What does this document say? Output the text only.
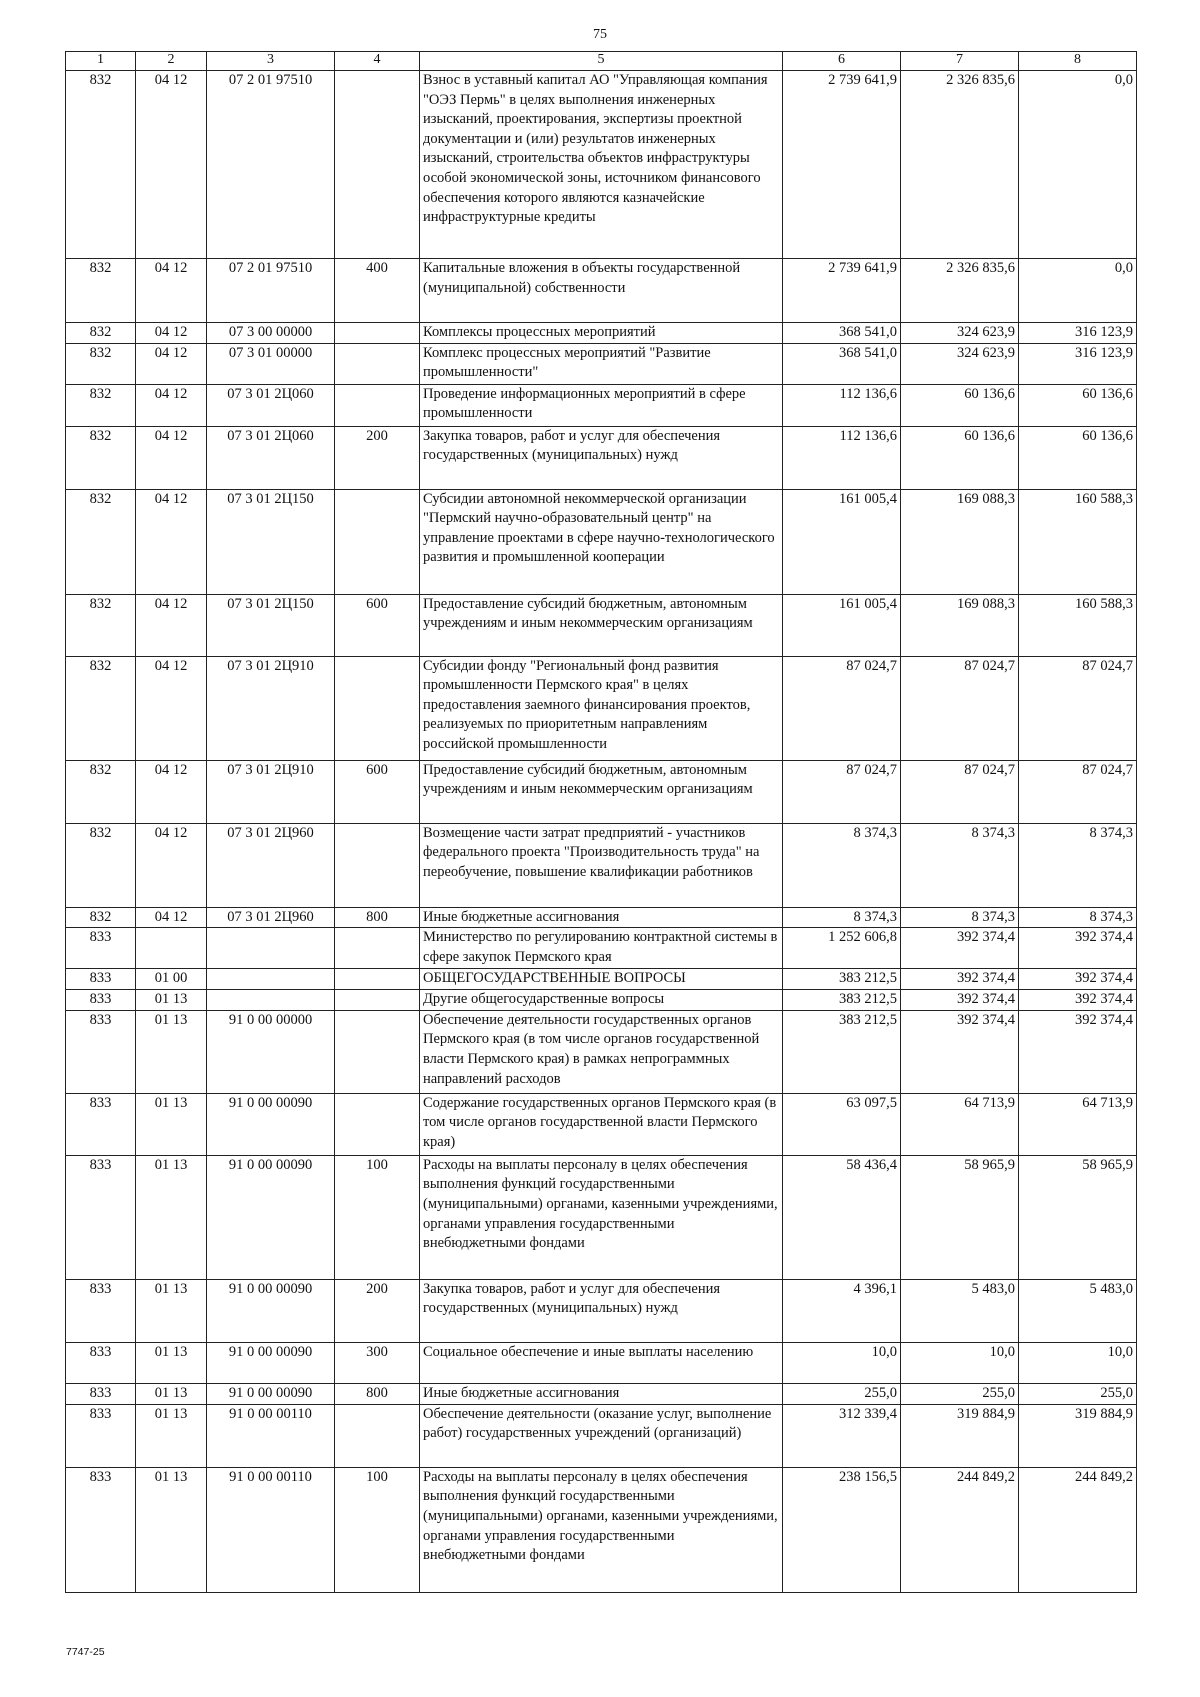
75
1	2	3	4	5	6	7	8
832	04 12	07 2 01 97510		Взнос в уставный капитал АО "Управляющая компания "ОЭЗ Пермь" в целях выполнения инженерных изысканий, проектирования, экспертизы проектной документации и (или) результатов инженерных изысканий, строительства объектов инфраструктуры особой экономической зоны, источником финансового обеспечения которого являются казначейские инфраструктурные кредиты	2 739 641,9	2 326 835,6	0,0
832	04 12	07 2 01 97510	400	Капитальные вложения в объекты государственной (муниципальной) собственности	2 739 641,9	2 326 835,6	0,0
832	04 12	07 3 00 00000		Комплексы процессных мероприятий	368 541,0	324 623,9	316 123,9
832	04 12	07 3 01 00000		Комплекс процессных мероприятий "Развитие промышленности"	368 541,0	324 623,9	316 123,9
832	04 12	07 3 01 2Ц060		Проведение информационных мероприятий в сфере промышленности	112 136,6	60 136,6	60 136,6
832	04 12	07 3 01 2Ц060	200	Закупка товаров, работ и услуг для обеспечения государственных (муниципальных) нужд	112 136,6	60 136,6	60 136,6
832	04 12	07 3 01 2Ц150		Субсидии автономной некоммерческой организации "Пермский научно-образовательный центр" на управление проектами в сфере научно-технологического развития и промышленной кооперации	161 005,4	169 088,3	160 588,3
832	04 12	07 3 01 2Ц150	600	Предоставление субсидий бюджетным, автономным учреждениям и иным некоммерческим организациям	161 005,4	169 088,3	160 588,3
832	04 12	07 3 01 2Ц910		Субсидии фонду "Региональный фонд развития промышленности Пермского края" в целях предоставления заемного финансирования проектов, реализуемых по приоритетным направлениям российской промышленности	87 024,7	87 024,7	87 024,7
832	04 12	07 3 01 2Ц910	600	Предоставление субсидий бюджетным, автономным учреждениям и иным некоммерческим организациям	87 024,7	87 024,7	87 024,7
832	04 12	07 3 01 2Ц960		Возмещение части затрат предприятий - участников федерального проекта "Производительность труда" на переобучение, повышение квалификации работников	8 374,3	8 374,3	8 374,3
832	04 12	07 3 01 2Ц960	800	Иные бюджетные ассигнования	8 374,3	8 374,3	8 374,3
833				Министерство по регулированию контрактной системы в сфере закупок Пермского края	1 252 606,8	392 374,4	392 374,4
833	01 00			ОБЩЕГОСУДАРСТВЕННЫЕ ВОПРОСЫ	383 212,5	392 374,4	392 374,4
833	01 13			Другие общегосударственные вопросы	383 212,5	392 374,4	392 374,4
833	01 13	91 0 00 00000		Обеспечение деятельности государственных органов Пермского края (в том числе органов государственной власти Пермского края) в рамках непрограммных направлений расходов	383 212,5	392 374,4	392 374,4
833	01 13	91 0 00 00090		Содержание государственных органов Пермского края (в том числе органов государственной власти Пермского края)	63 097,5	64 713,9	64 713,9
833	01 13	91 0 00 00090	100	Расходы на выплаты персоналу в целях обеспечения выполнения функций государственными (муниципальными) органами, казенными учреждениями, органами управления государственными внебюджетными фондами	58 436,4	58 965,9	58 965,9
833	01 13	91 0 00 00090	200	Закупка товаров, работ и услуг для обеспечения государственных (муниципальных) нужд	4 396,1	5 483,0	5 483,0
833	01 13	91 0 00 00090	300	Социальное обеспечение и иные выплаты населению	10,0	10,0	10,0
833	01 13	91 0 00 00090	800	Иные бюджетные ассигнования	255,0	255,0	255,0
833	01 13	91 0 00 00110		Обеспечение деятельности (оказание услуг, выполнение работ) государственных учреждений (организаций)	312 339,4	319 884,9	319 884,9
833	01 13	91 0 00 00110	100	Расходы на выплаты персоналу в целях обеспечения выполнения функций государственными (муниципальными) органами, казенными учреждениями, органами управления государственными внебюджетными фондами	238 156,5	244 849,2	244 849,2
7747-25
